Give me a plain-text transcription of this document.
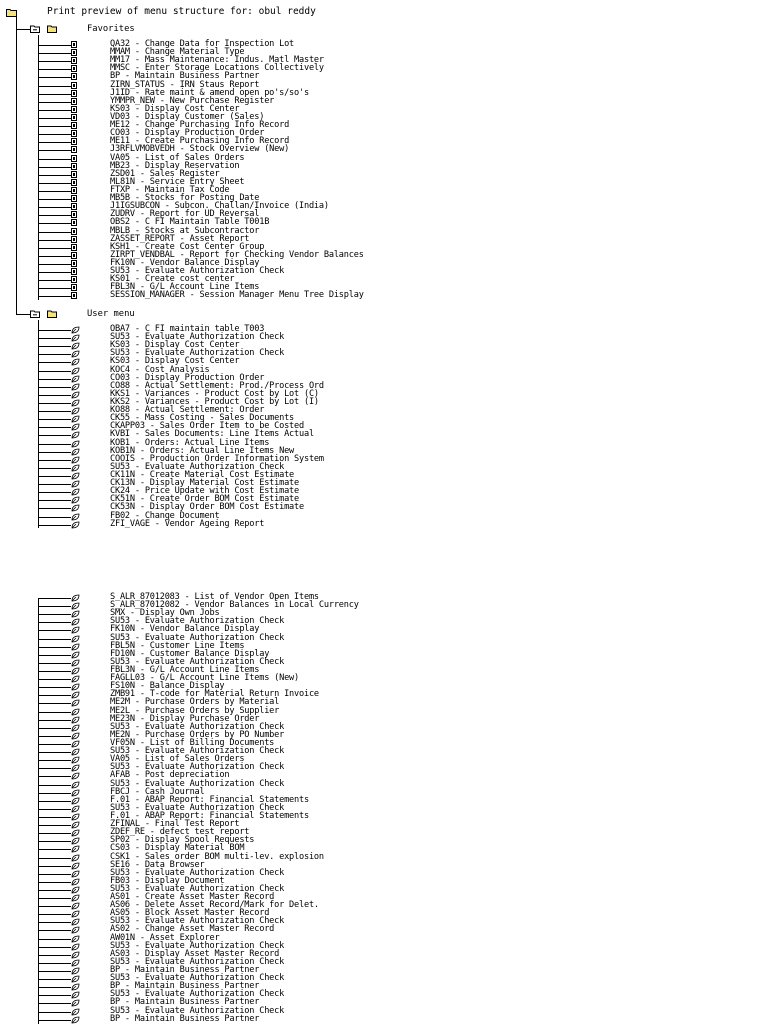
Print preview of menu structure for: obul reddy
Favorites
QA32 - Change Data for Inspection Lot
MMAM - Change Material Type
MM17 - Mass Maintenance: Indus. Matl Master
MMSC - Enter Storage Locations Collectively
BP - Maintain Business Partner
ZIRN_STATUS - IRN Staus Report
J1ID - Rate maint & amend open po's/so's
YMMPR_NEW - New Purchase Register
KS03 - Display Cost Center
VD03 - Display Customer (Sales)
ME12 - Change Purchasing Info Record
CO03 - Display Production Order
ME11 - Create Purchasing Info Record
J3RFLVMOBVEDH - Stock Overview (New)
VA05 - List of Sales Orders
MB23 - Display Reservation
ZSD01 - Sales Register
ML81N - Service Entry Sheet
FTXP - Maintain Tax Code
MB5B - Stocks for Posting Date
J1IGSUBCON - Subcon. Challan/Invoice (India)
ZUDRV - Report for UD Reversal
OBS2 - C FI Maintain Table T001B
MBLB - Stocks at Subcontractor
ZASSET_REPORT - Asset Report
KSH1 - Create Cost Center Group
ZIRPT_VENDBAL - Report for Checking Vendor Balances
FK10N - Vendor Balance Display
SU53 - Evaluate Authorization Check
KS01 - Create cost center
FBL3N - G/L Account Line Items
SESSION_MANAGER - Session Manager Menu Tree Display
User menu
OBA7 - C FI maintain table T003
SU53 - Evaluate Authorization Check
KS03 - Display Cost Center
SU53 - Evaluate Authorization Check
KS03 - Display Cost Center
KOC4 - Cost Analysis
CO03 - Display Production Order
CO88 - Actual Settlement: Prod./Process Ord
KKS1 - Variances - Product Cost by Lot (C)
KKS2 - Variances - Product Cost by Lot (I)
KO88 - Actual Settlement: Order
CK55 - Mass Costing - Sales Documents
CKAPP03 - Sales Order Item to be Costed
KVBI - Sales Documents: Line Items Actual
KOB1 - Orders: Actual Line Items
KOB1N - Orders: Actual Line Items New
COOIS - Production Order Information System
SU53 - Evaluate Authorization Check
CK11N - Create Material Cost Estimate
CK13N - Display Material Cost Estimate
CK24 - Price Update with Cost Estimate
CK51N - Create Order BOM Cost Estimate
CK53N - Display Order BOM Cost Estimate
FB02 - Change Document
ZFI_VAGE - Vendor Ageing Report
S_ALR_87012083 - List of Vendor Open Items
S_ALR_87012082 - Vendor Balances in Local Currency
SMX - Display Own Jobs
SU53 - Evaluate Authorization Check
FK10N - Vendor Balance Display
SU53 - Evaluate Authorization Check
FBL5N - Customer Line Items
FD10N - Customer Balance Display
SU53 - Evaluate Authorization Check
FBL3N - G/L Account Line Items
FAGLL03 - G/L Account Line Items (New)
FS10N - Balance Display
ZMB91 - T-code for Material Return Invoice
ME2M - Purchase Orders by Material
ME2L - Purchase Orders by Supplier
ME23N - Display Purchase Order
SU53 - Evaluate Authorization Check
ME2N - Purchase Orders by PO Number
VF05N - List of Billing Documents
SU53 - Evaluate Authorization Check
VA05 - List of Sales Orders
SU53 - Evaluate Authorization Check
AFAB - Post depreciation
SU53 - Evaluate Authorization Check
FBCJ - Cash Journal
F.01 - ABAP Report: Financial Statements
SU53 - Evaluate Authorization Check
F.01 - ABAP Report: Financial Statements
ZFINAL - Final Test Report
ZDEF_RE - defect test report
SP02 - Display Spool Requests
CS03 - Display Material BOM
CSK1 - Sales order BOM multi-lev. explosion
SE16 - Data Browser
SU53 - Evaluate Authorization Check
FB03 - Display Document
SU53 - Evaluate Authorization Check
AS01 - Create Asset Master Record
AS06 - Delete Asset Record/Mark for Delet.
AS05 - Block Asset Master Record
SU53 - Evaluate Authorization Check
AS02 - Change Asset Master Record
AW01N - Asset Explorer
SU53 - Evaluate Authorization Check
AS03 - Display Asset Master Record
SU53 - Evaluate Authorization Check
BP - Maintain Business Partner
SU53 - Evaluate Authorization Check
BP - Maintain Business Partner
SU53 - Evaluate Authorization Check
BP - Maintain Business Partner
SU53 - Evaluate Authorization Check
BP - Maintain Business Partner
